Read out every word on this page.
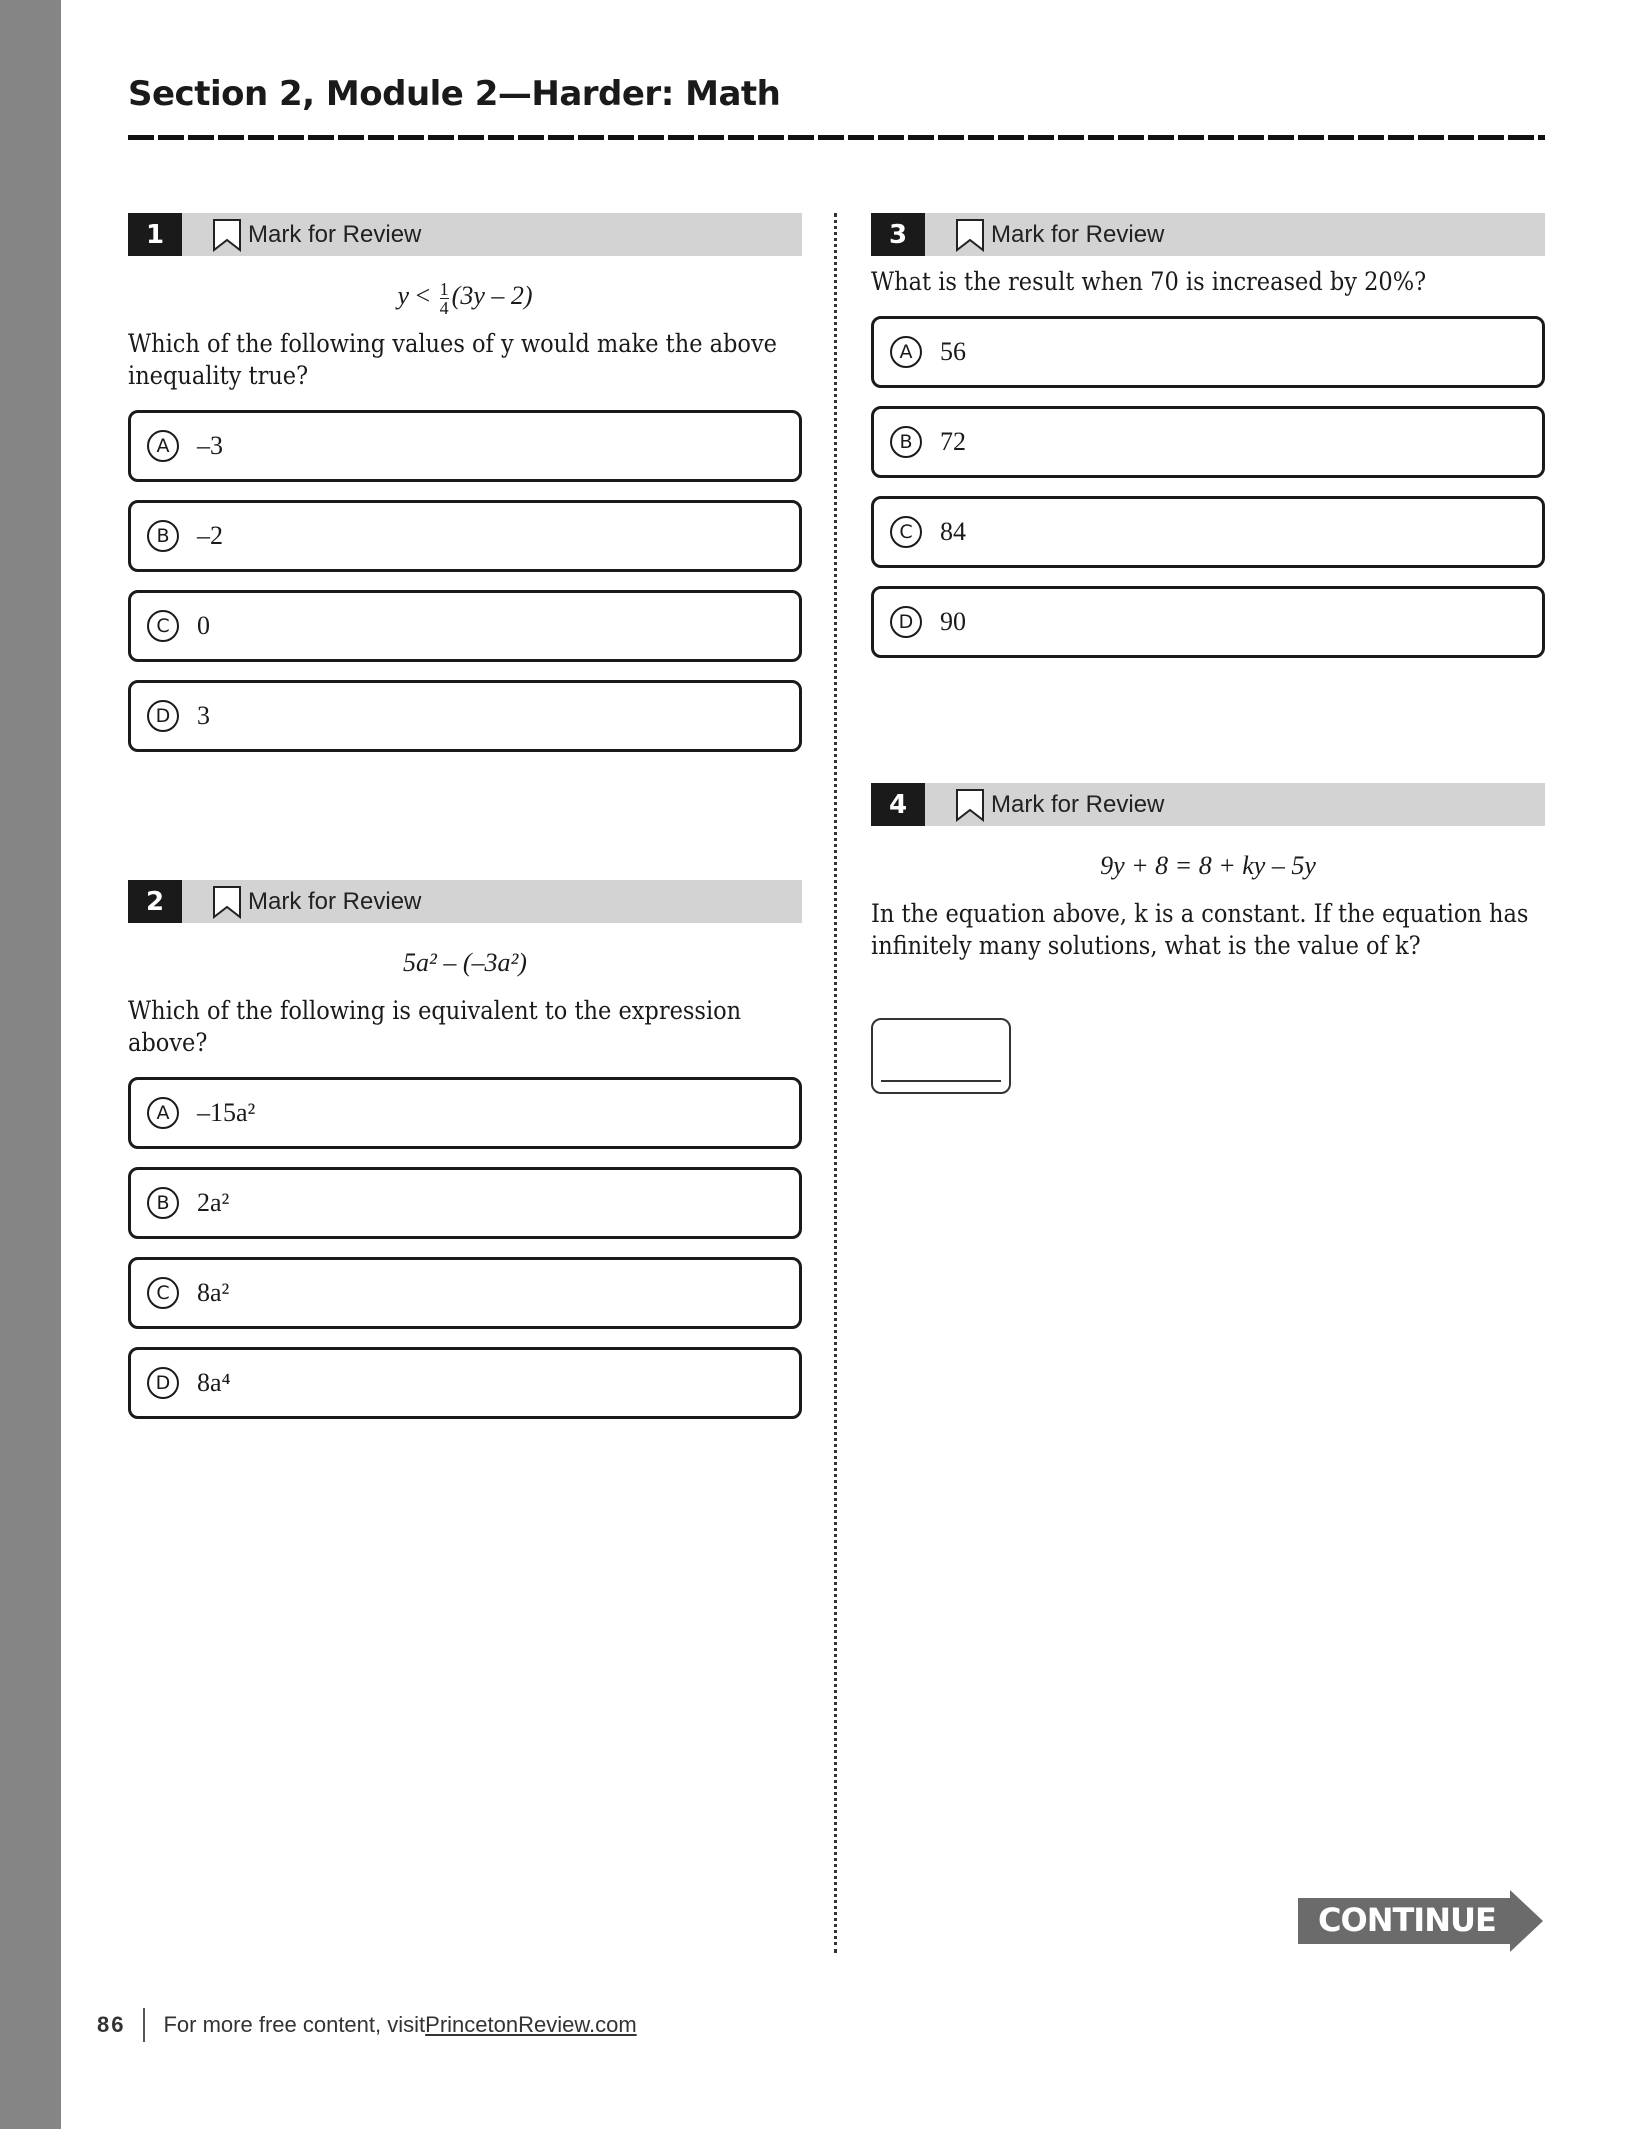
Section 2, Module 2—Harder: Math
1	Mark for Review
$y < \frac{1}{4} (3y - 2)$
Which of the following values of y would make the above inequality true?
A	–3
B	–2
C	0
D	3
2	Mark for Review
5a² – (–3a²)
Which of the following is equivalent to the expression above?
A	–15a²
B	2a²
C	8a²
D	8a⁴
3	Mark for Review
What is the result when 70 is increased by 20%?
A	56
B	72
C	84
D	90
4	Mark for Review
9y + 8 = 8 + ky – 5y
In the equation above, k is a constant. If the equation has infinitely many solutions, what is the value of k?
CONTINUE
86 For more free content, visit PrincetonReview.com
